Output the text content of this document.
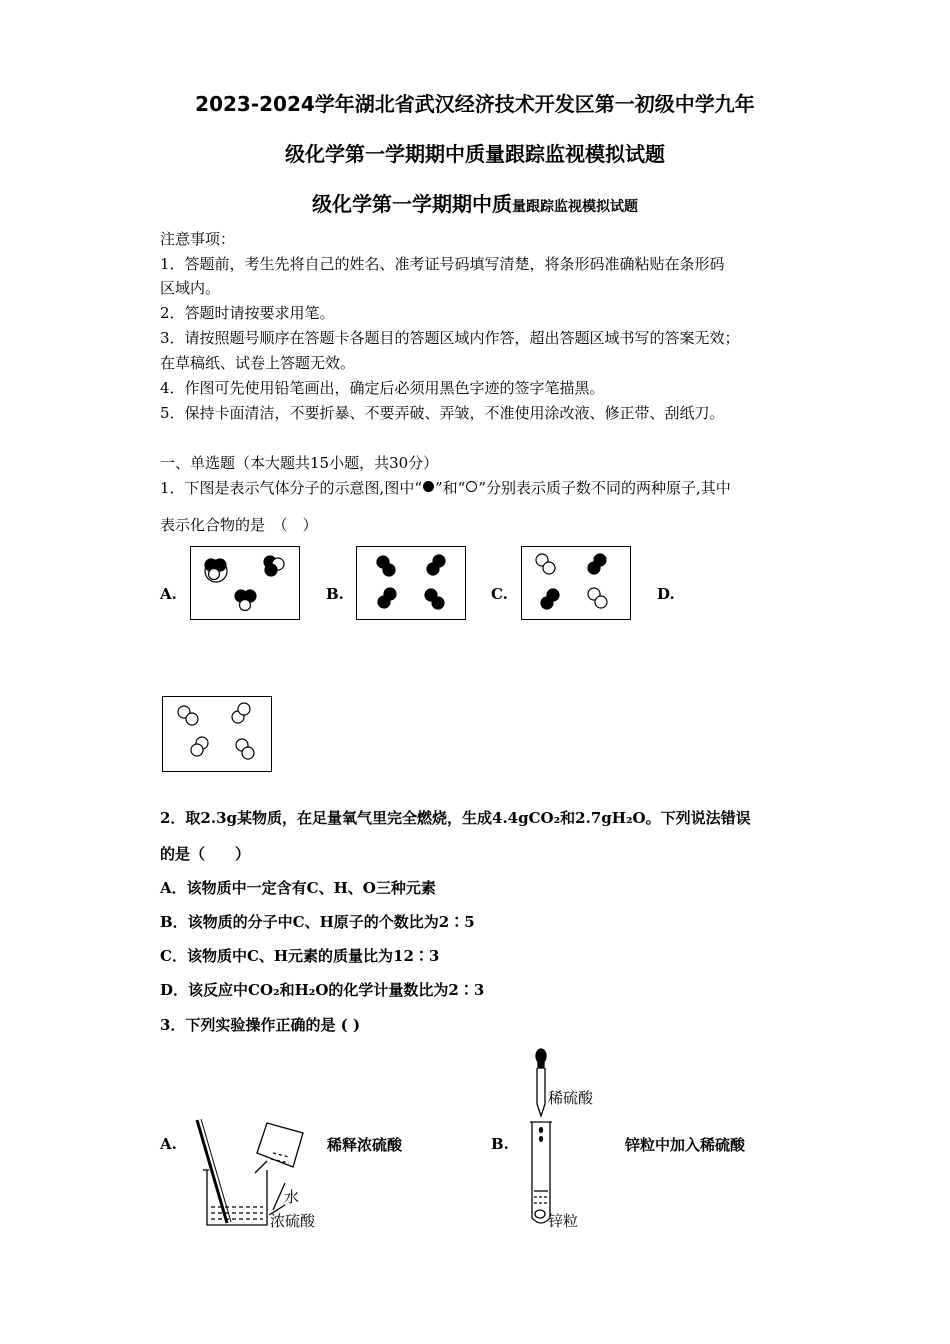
2023-2024学年湖北省武汉经济技术开发区第一初级中学九年
级化学第一学期期中质量跟踪监视模拟试题
级化学第一学期期中质量跟踪监视模拟试题
注意事项：
1．答题前，考生先将自己的姓名、准考证号码填写清楚，将条形码准确粘贴在条形码
区域内。
2．答题时请按要求用笔。
3．请按照题号顺序在答题卡各题目的答题区域内作答，超出答题区域书写的答案无效；
在草稿纸、试卷上答题无效。
4．作图可先使用铅笔画出，确定后必须用黑色字迹的签字笔描黑。
5．保持卡面清洁，不要折暴、不要弄破、弄皱，不准使用涂改液、修正带、刮纸刀。
一、单选题（本大题共15小题，共30分）
1．下图是表示气体分子的示意图,图中“ ”和“ ”分别表示质子数不同的两种原子,其中
表示化合物的是　（　）
A.	B.	C.	D.
2．取2.3g某物质，在足量氧气里完全燃烧，生成4.4gCO₂和2.7gH₂O。下列说法错误
的是（　　）
A．该物质中一定含有C、H、O三种元素
B．该物质的分子中C、H原子的个数比为2∶5
C．该物质中C、H元素的质量比为12∶3
D．该反应中CO₂和H₂O的化学计量数比为2∶3
3．下列实验操作正确的是 ( )
A.
水
浓硫酸
稀释浓硫酸	B.
稀硫酸
锌粒
锌粒中加入稀硫酸
